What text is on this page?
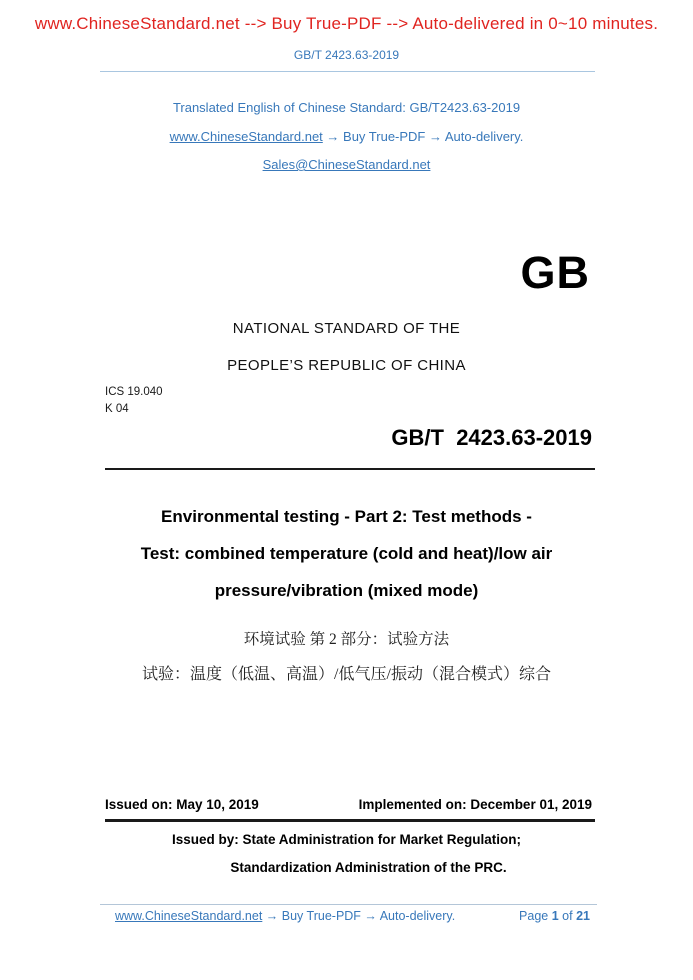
www.ChineseStandard.net --> Buy True-PDF --> Auto-delivered in 0~10 minutes.
GB/T 2423.63-2019
Translated English of Chinese Standard: GB/T2423.63-2019
www.ChineseStandard.net → Buy True-PDF → Auto-delivery.
Sales@ChineseStandard.net
GB
NATIONAL STANDARD OF THE
PEOPLE’S REPUBLIC OF CHINA
ICS 19.040
K 04
GB/T  2423.63-2019
Environmental testing - Part 2: Test methods -
Test: combined temperature (cold and heat)/low air
pressure/vibration (mixed mode)
环境试验 第 2 部分：试验方法
试验：温度（低温、高温）/低气压/振动（混合模式）综合
Issued on: May 10, 2019	Implemented on: December 01, 2019
Issued by: State Administration for Market Regulation;
Standardization Administration of the PRC.
www.ChineseStandard.net → Buy True-PDF → Auto-delivery.	Page 1 of 21
